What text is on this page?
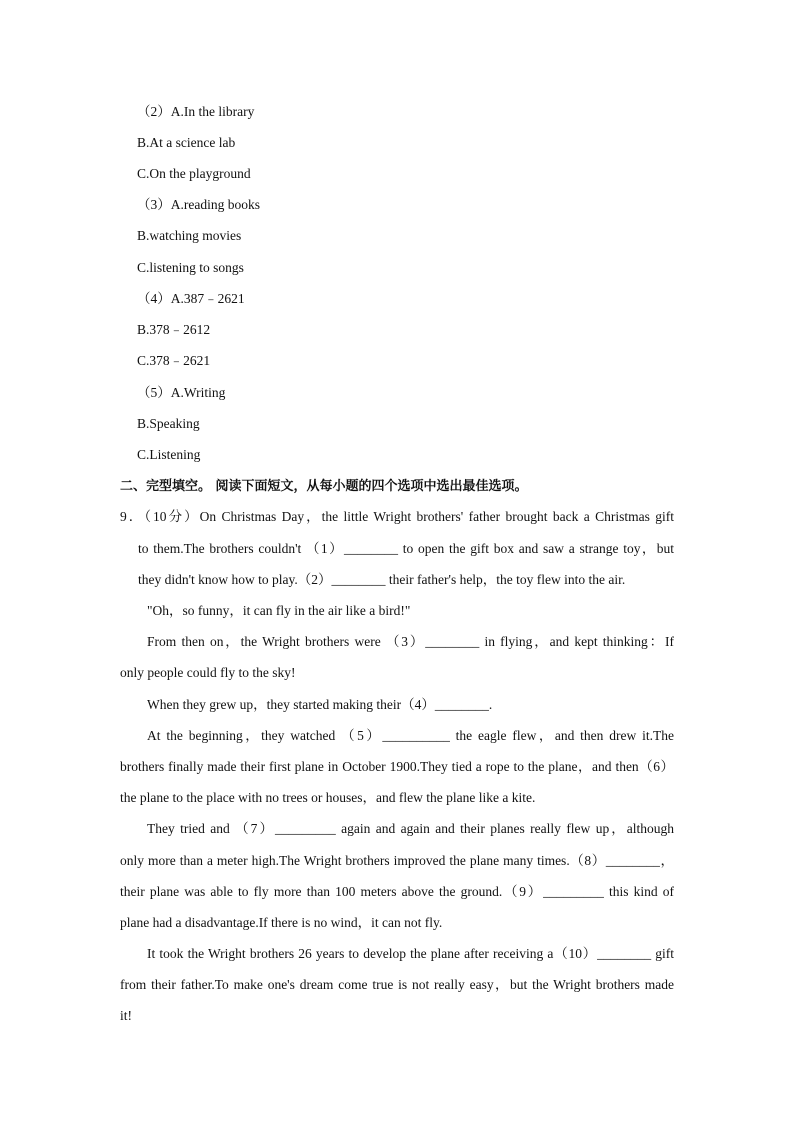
（2）A.In the library
B.At a science lab
C.On the playground
（3）A.reading books
B.watching movies
C.listening to songs
（4）A.387﹣2621
B.378﹣2612
C.378﹣2621
（5）A.Writing
B.Speaking
C.Listening
二、完型填空。 阅读下面短文，从每小题的四个选项中选出最佳选项。
9．（10分）On Christmas Day，the little Wright brothers' father brought back a Christmas gift
to them.The brothers couldn't （1）________ to open the gift box and saw a strange toy，but
they didn't know how to play.（2）________ their father's help，the toy flew into the air.
"Oh，so funny，it can fly in the air like a bird!"
From then on，the Wright brothers were （3）________ in flying，and kept thinking：If
only people could fly to the sky!
When they grew up，they started making their（4）________.
At the beginning，they watched （5）__________ the eagle flew，and then drew it.The
brothers finally made their first plane in October 1900.They tied a rope to the plane，and then（6）
the plane to the place with no trees or houses，and flew the plane like a kite.
They tried and （7）_________ again and again and their planes really flew up，although
only more than a meter high.The Wright brothers improved the plane many times.（8）________，
their plane was able to fly more than 100 meters above the ground.（9）_________ this kind of
plane had a disadvantage.If there is no wind，it can not fly.
It took the Wright brothers 26 years to develop the plane after receiving a（10）________ gift
from their father.To make one's dream come true is not really easy，but the Wright brothers made
it!
